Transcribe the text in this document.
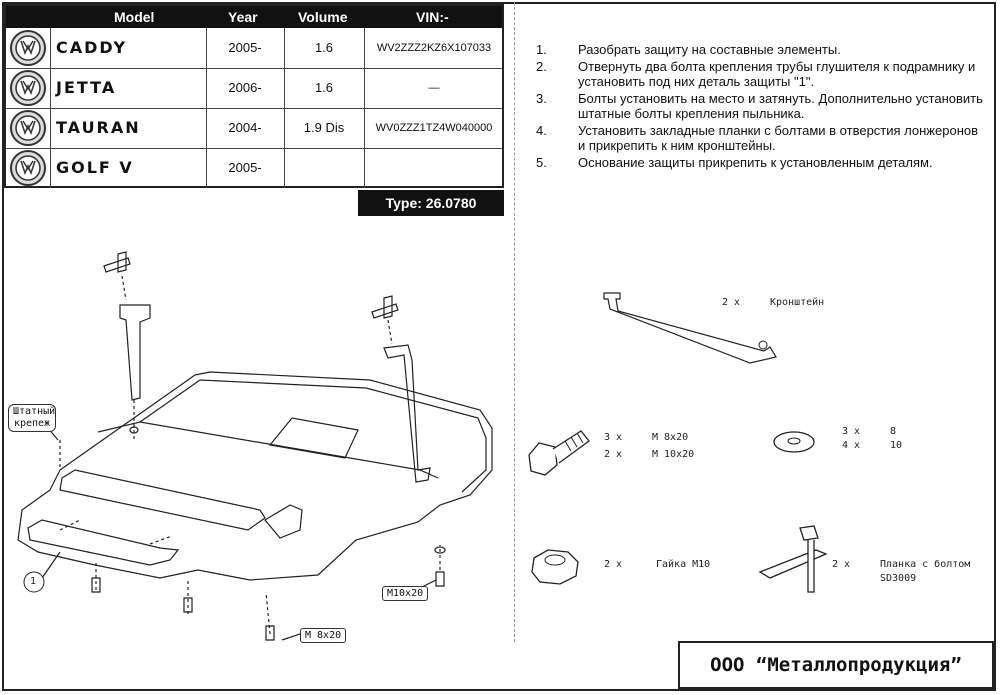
Model	Year	Volume	VIN:-
CADDY	2005-	1.6	WV2ZZZ2KZ6X107033
JETTA	2006-	1.6	—
TAURAN	2004-	1.9 Dis	WV0ZZZ1TZ4W040000
GOLF V	2005-
Type: 26.0780
1. Разобрать защиту на составные элементы.
2. Отвернуть два болта крепления трубы глушителя к подрамнику и установить под них деталь защиты "1".
3. Болты установить на место и затянуть. Дополнительно установить штатные болты крепления пыльника.
4. Установить закладные планки с болтами в отверстия лонжеронов и прикрепить к ним кронштейны.
5. Основание защиты прикрепить к установленным деталям.
Штатный крепеж
1
M10x20
M 8x20
2 x	Кронштейн
3 x	M 8x20
2 x	M 10x20
3 x	8
4 x	10
2 x	Гайка M10	2 x	Планка с болтом
SD3009
ООО “Металлопродукция”
